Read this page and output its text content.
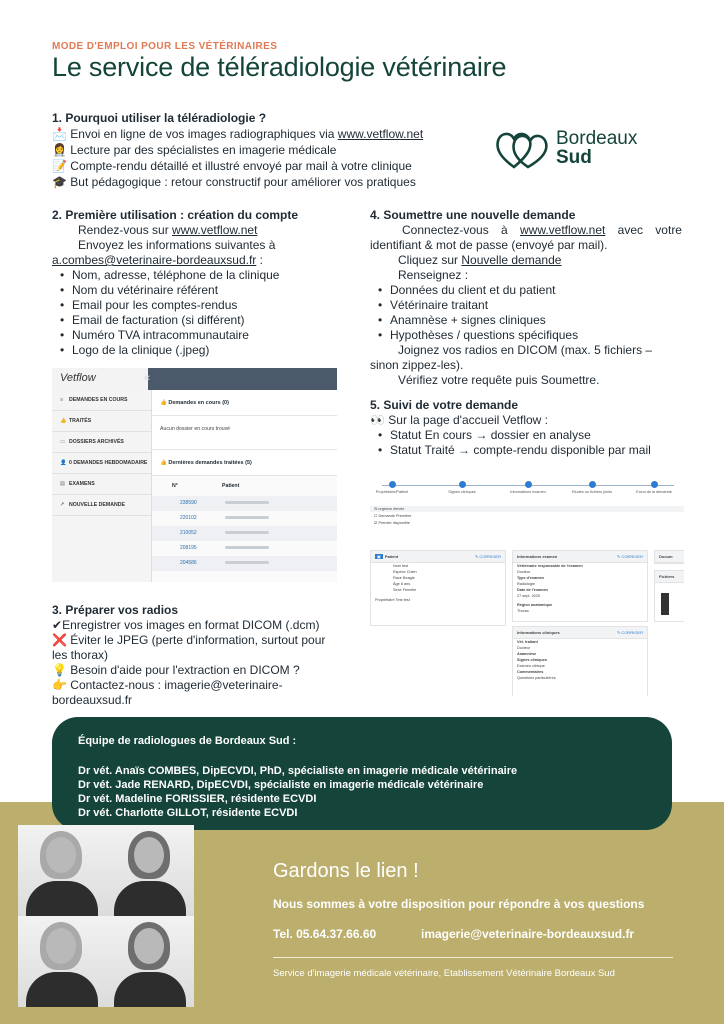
MODE D'EMPLOI POUR LES VÉTÉRINAIRES
Le service de téléradiologie vétérinaire
1. Pourquoi utiliser la téléradiologie ?
📩 Envoi en ligne de vos images radiographiques via www.vetflow.net
👩‍⚕️ Lecture par des spécialistes en imagerie médicale
📝 Compte-rendu détaillé et illustré envoyé par mail à votre clinique
🎓 But pédagogique : retour constructif pour améliorer vos pratiques
Bordeaux
Sud
2. Première utilisation : création du compte
Rendez-vous sur www.vetflow.net
Envoyez les informations suivantes à
a.combes@veterinaire-bordeauxsud.fr :
• Nom, adresse, téléphone de la clinique
• Nom du vétérinaire référent
• Email pour les comptes-rendus
• Email de facturation (si différent)
• Numéro TVA intracommunautaire
• Logo de la clinique (.jpeg)
Vetflow	«
≡ DEMANDES EN COURS
👍 TRAITÉS
▭ DOSSIERS ARCHIVÉS
👤 0 DEMANDES HEBDOMADAIRE
▤ EXAMENS
↗ NOUVELLE DEMANDE
👍 Demandes en cours (0)
Aucun dossier en cours trouvé
👍 Dernières demandes traitées (5)
N°	Patient
238590
220102
210052
208195
204586
3. Préparer vos radios
✔Enregistrer vos images en format DICOM (.dcm)
❌ Éviter le JPEG (perte d'information, surtout pour les thorax)
💡 Besoin d'aide pour l'extraction en DICOM ?
👉 Contactez-nous : imagerie@veterinaire-bordeauxsud.fr
4. Soumettre une nouvelle demande
Connectez-vous à www.vetflow.net avec votre identifiant & mot de passe (envoyé par mail).
Cliquez sur Nouvelle demande
Renseignez :
• Données du client et du patient
• Vétérinaire traitant
• Anamnèse + signes cliniques
• Hypothèses / questions spécifiques
Joignez vos radios en DICOM (max. 5 fichiers – sinon zippez-les).
Vérifiez votre requête puis Soumettre.
5. Suivi de votre demande
👀 Sur la page d'accueil Vetflow :
• Statut En cours → dossier en analyse
• Statut Traité → compte-rendu disponible par mail
Propriétaire/Patient	Signes cliniques	Informations examen	Etudes ou fichiers joints	Envoi de la demande
Si urgence élevée
☐ Demande Première
☑ Premier disponible
▣ Patient	✎ CORRIGER
Nom test
Espèce Chien
Race Beagle
Âge 8 ans
Sexe Femelle
Propriétaire Test test
Informations examen	✎ CORRIGER
Vétérinaire responsable de l'examen
Docteur
Type d'examen
Radiologie
Date de l'examen
27 sept. 2025
Région anatomique
Thorax
Informations cliniques	✎ CORRIGER
Vét. traitant
Docteur
Anamnèse
Signes cliniques
Examen clinique
Commentaires
Questions particulières
Docum
Fichiers
Équipe de radiologues de Bordeaux Sud :
Dr vét. Anaïs COMBES, DipECVDI, PhD, spécialiste en imagerie médicale vétérinaire
Dr vét. Jade RENARD, DipECVDI, spécialiste en imagerie médicale vétérinaire
Dr vét. Madeline FORISSIER, résidente ECVDI
Dr vét. Charlotte GILLOT, résidente ECVDI
Gardons le lien !
Nous sommes à votre disposition pour répondre à vos questions
Tel. 05.64.37.66.60	imagerie@veterinaire-bordeauxsud.fr
Service d'imagerie médicale vétérinaire, Etablissement Vétérinaire Bordeaux Sud
